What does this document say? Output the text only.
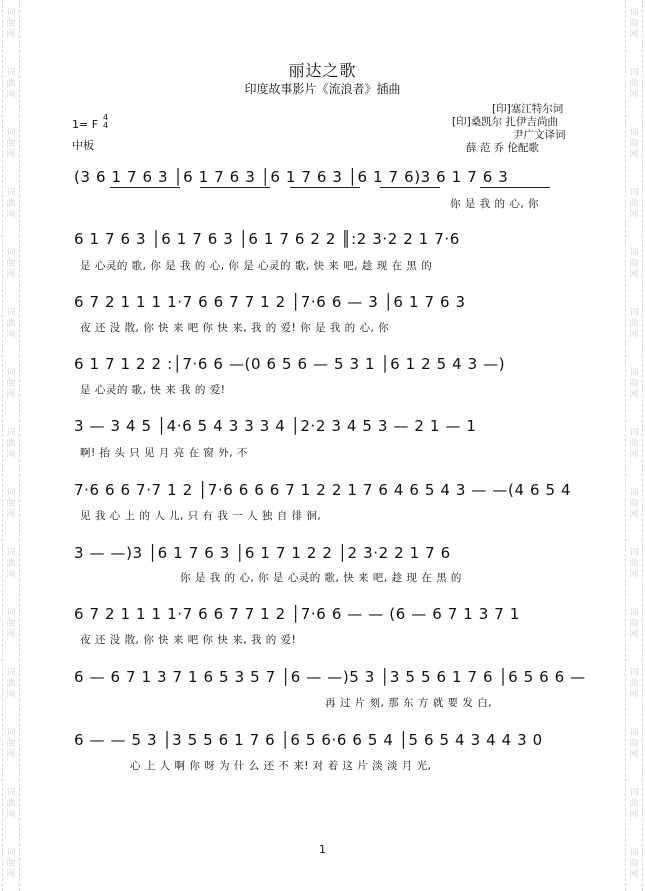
丽达之歌
印度故事影片《流浪者》插曲
1= F
4
4
中板
[印]塞江特尔词
[印]桑凯尔 扎伊吉尚曲
尹广文译词
薛 范 乔 伦配歌
(3 6 1 7 6 3 │6 1 7 6 3 │6 1 7 6 3 │6 1 7 6)3 6 1 7 6 3
你 是 我 的 心, 你
6 1 7 6 3 │6 1 7 6 3 │6 1 7 6 2 2 ║:2 3·2 2 1 7·6
是 心灵的 歌, 你 是 我 的 心, 你 是 心灵的 歌, 快 来 吧, 趁 现 在 黑 的
6 7 2 1 1 1 1·7 6 6 7 7 1 2 │7·6 6 — 3 │6 1 7 6 3
夜 还 没 散, 你 快 来 吧 你 快 来, 我 的 爱! 你 是 我 的 心, 你
6 1 7 1 2 2 :│7·6 6 —(0 6 5 6 — 5 3 1 │6 1 2 5 4 3 —)
是 心灵的 歌, 快 来 我 的 爱!
3 — 3 4 5 │4·6 5 4 3 3 3 4 │2·2 3 4 5 3 — 2 1 — 1
啊! 抬 头 只 见 月 亮 在 窗 外, 不
7·6 6 6 7·7 1 2 │7·6 6 6 6 7 1 2 2 1 7 6 4 6 5 4 3 — —(4 6 5 4
见 我 心 上 的 人 儿, 只 有 我 一 人 独 自 徘 徊,
3 — —)3 │6 1 7 6 3 │6 1 7 1 2 2 │2 3·2 2 1 7 6
你 是 我 的 心, 你 是 心灵的 歌, 快 来 吧, 趁 现 在 黑 的
6 7 2 1 1 1 1·7 6 6 7 7 1 2 │7·6 6 — — (6 — 6 7 1 3 7 1
夜 还 没 散, 你 快 来 吧 你 快 来, 我 的 爱!
6 — 6 7 1 3 7 1 6 5 3 5 7 │6 — —)5 3 │3 5 5 6 1 7 6 │6 5 6 6 —
再 过 片 刻, 那 东 方 就 要 发 白,
6 — — 5 3 │3 5 5 6 1 7 6 │6 5 6·6 6 5 4 │5 6 5 4 3 4 4 3 0
心 上 人 啊 你 呀 为 什 么 还 不 来! 对 着 这 片 淡 淡 月 光,
1
词
曲
网
词
曲
网
词
曲
网
词
曲
网
词
曲
网
词
曲
网
词
曲
网
词
曲
网
词
曲
网
词
曲
网
词
曲
网
词
曲
网
词
曲
网
词
曲
网
词
曲
网
词
曲
网
词
曲
网
词
曲
网
词
曲
网
词
曲
网
词
曲
网
词
曲
网
词
曲
网
词
曲
网
词
曲
网
词
曲
网
词
曲
网
词
曲
网
词
曲
网
词
曲
网
